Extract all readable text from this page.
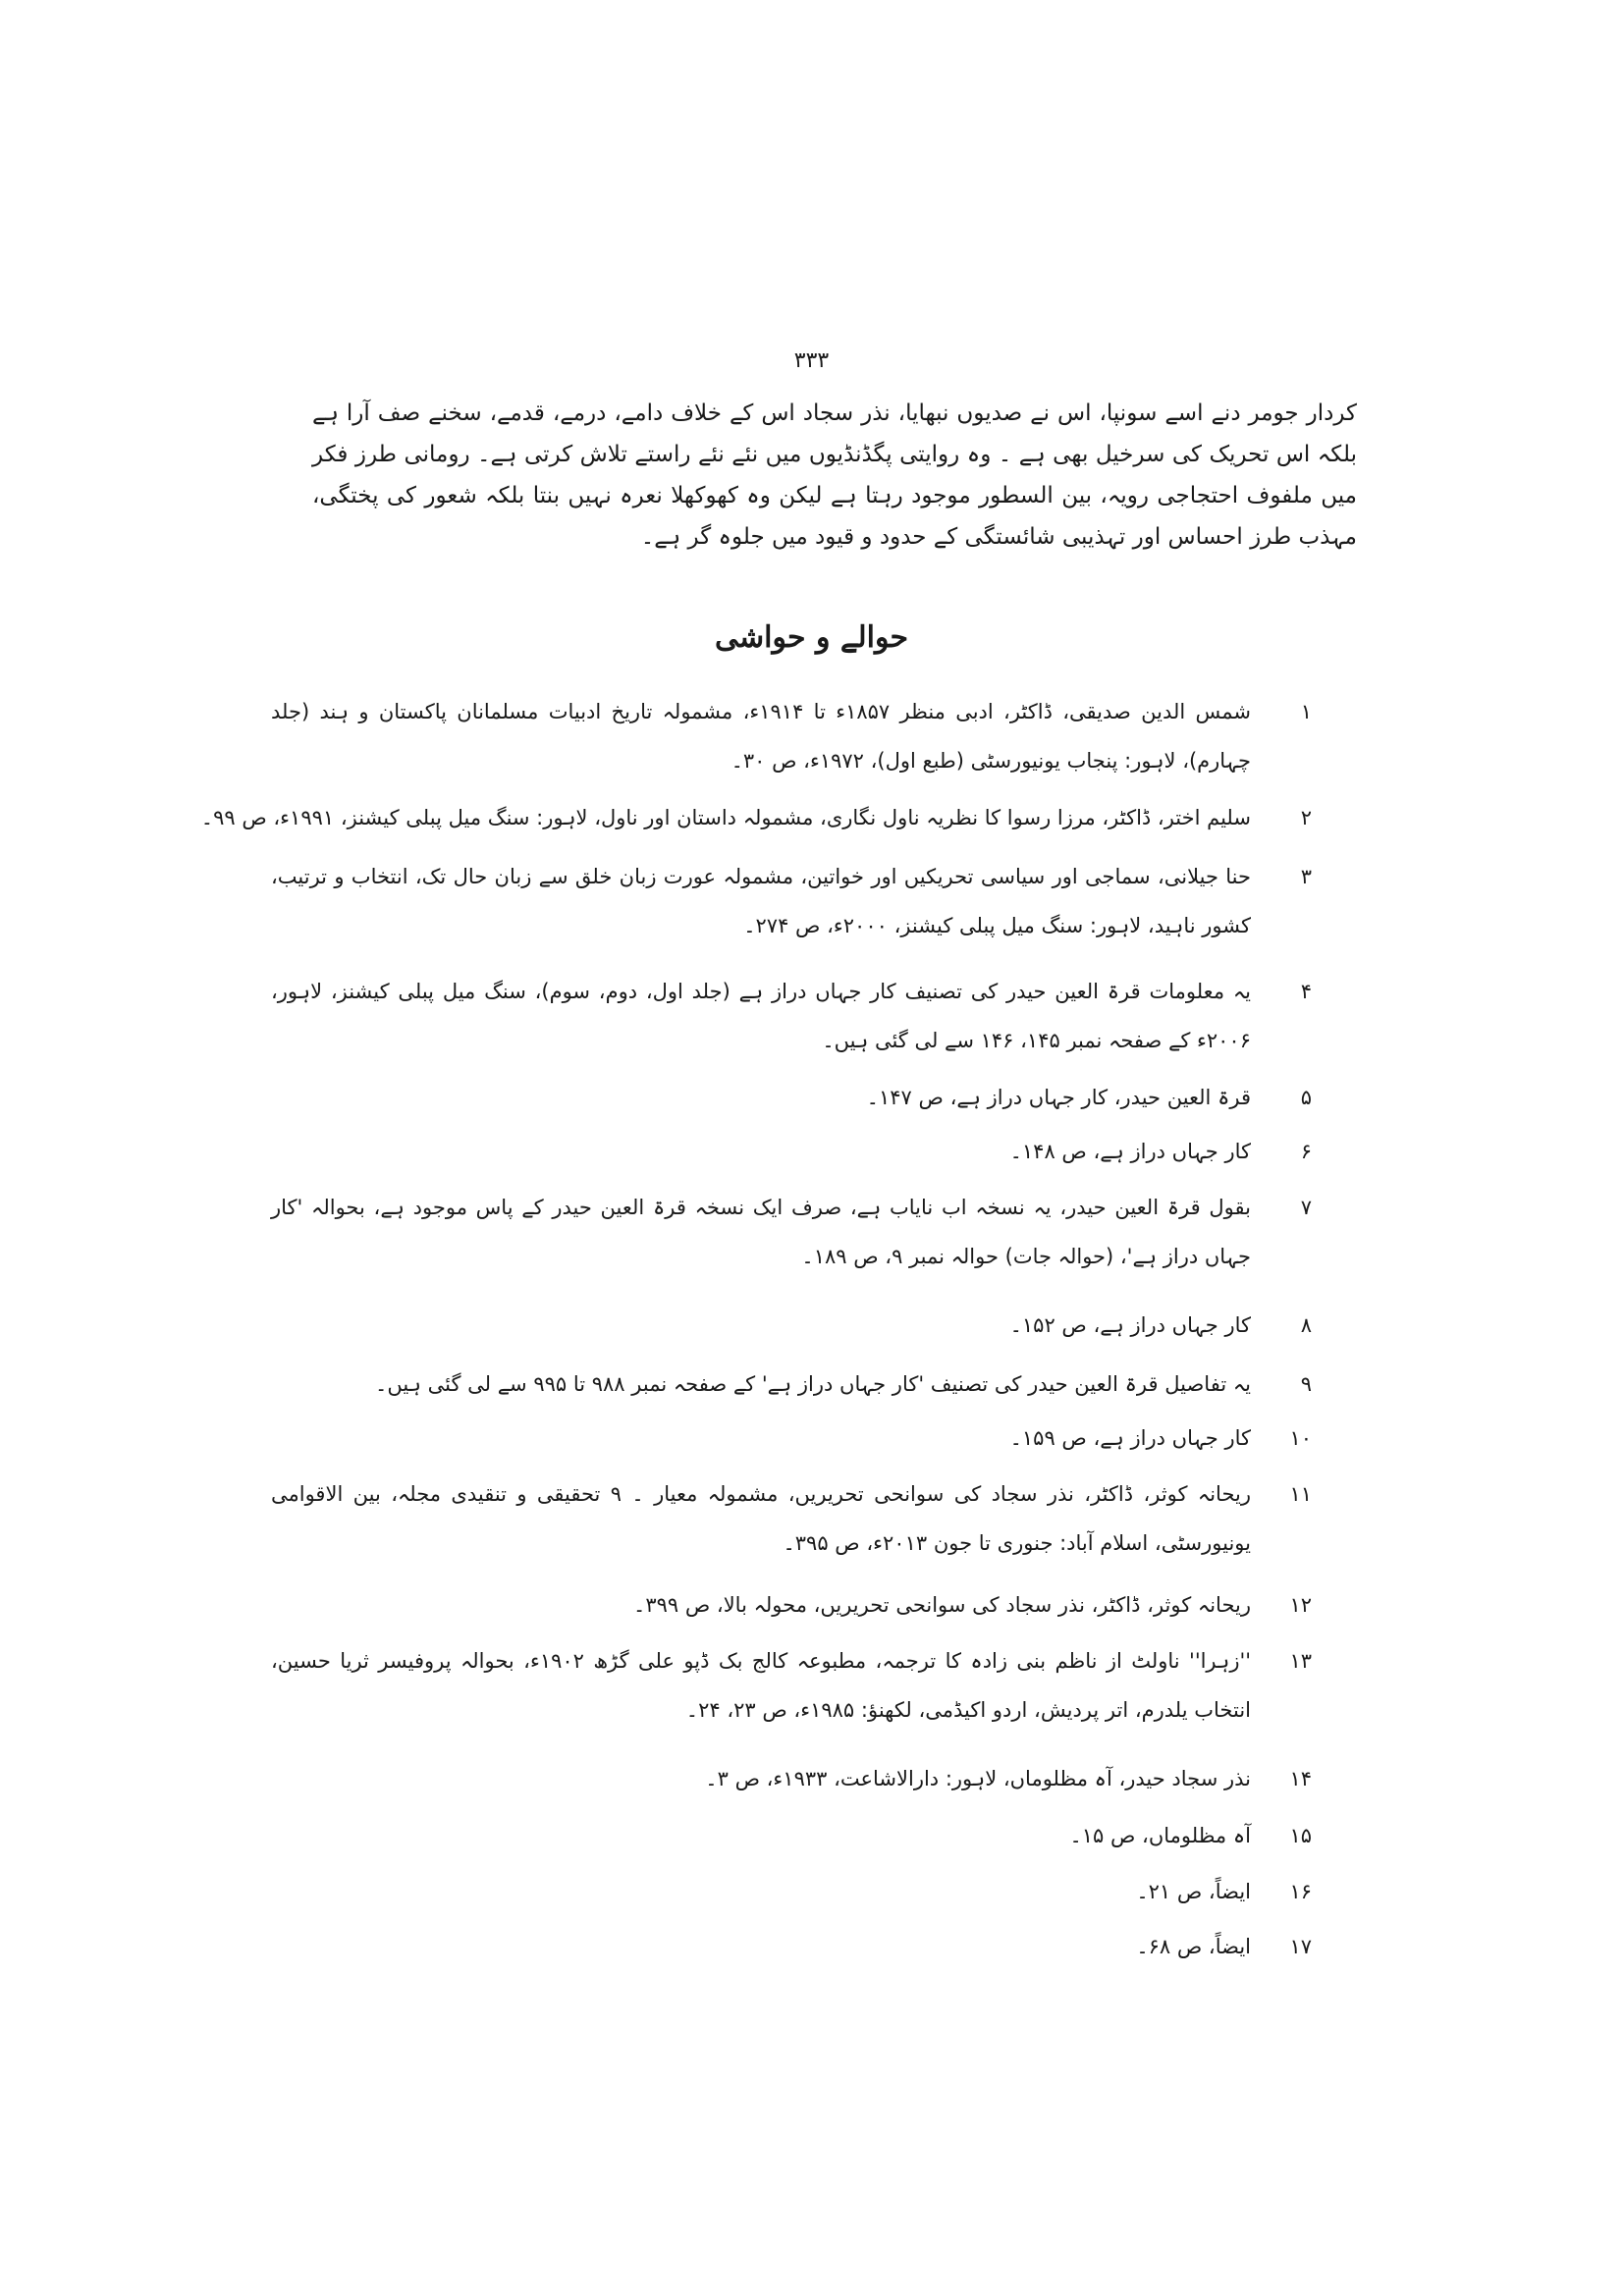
۳۳۳
کردار جومر دنے اسے سونپا، اس نے صدیوں نبھایا، نذر سجاد اس کے خلاف دامے، درمے، قدمے، سخنے صف آرا ہے بلکہ اس تحریک کی سرخیل بھی ہے ۔ وہ روایتی پگڈنڈیوں میں نئے نئے راستے تلاش کرتی ہے۔ رومانی طرز فکر میں ملفوف احتجاجی رویہ، بین السطور موجود رہتا ہے لیکن وہ کھوکھلا نعرہ نہیں بنتا بلکہ شعور کی پختگی، مہذب طرز احساس اور تہذیبی شائستگی کے حدود و قیود میں جلوہ گر ہے۔
حوالے و حواشی
۱
شمس الدین صدیقی، ڈاکٹر، ادبی منظر ۱۸۵۷ء تا ۱۹۱۴ء، مشمولہ تاریخ ادبیات مسلمانان پاکستان و ہند (جلد چہارم)، لاہور: پنجاب یونیورسٹی (طبع اول)، ۱۹۷۲ء، ص ۳۰۔
۲
سلیم اختر، ڈاکٹر، مرزا رسوا کا نظریہ ناول نگاری، مشمولہ داستان اور ناول، لاہور: سنگ میل پبلی کیشنز، ۱۹۹۱ء، ص ۹۹۔
۳
حنا جیلانی، سماجی اور سیاسی تحریکیں اور خواتین، مشمولہ عورت زبان خلق سے زبان حال تک، انتخاب و ترتیب، کشور ناہید، لاہور: سنگ میل پبلی کیشنز، ۲۰۰۰ء، ص ۲۷۴۔
۴
یہ معلومات قرۃ العین حیدر کی تصنیف کار جہاں دراز ہے (جلد اول، دوم، سوم)، سنگ میل پبلی کیشنز، لاہور، ۲۰۰۶ء کے صفحہ نمبر ۱۴۵، ۱۴۶ سے لی گئی ہیں۔
۵
قرۃ العین حیدر، کار جہاں دراز ہے، ص ۱۴۷۔
۶
کار جہاں دراز ہے، ص ۱۴۸۔
۷
بقول قرۃ العین حیدر، یہ نسخہ اب نایاب ہے، صرف ایک نسخہ قرۃ العین حیدر کے پاس موجود ہے، بحوالہ 'کار جہاں دراز ہے'، (حوالہ جات) حوالہ نمبر ۹، ص ۱۸۹۔
۸
کار جہاں دراز ہے، ص ۱۵۲۔
۹
یہ تفاصیل قرۃ العین حیدر کی تصنیف 'کار جہاں دراز ہے' کے صفحہ نمبر ۹۸۸ تا ۹۹۵ سے لی گئی ہیں۔
۱۰
کار جہاں دراز ہے، ص ۱۵۹۔
۱۱
ریحانہ کوثر، ڈاکٹر، نذر سجاد کی سوانحی تحریریں، مشمولہ معیار ۔ ۹ تحقیقی و تنقیدی مجلہ، بین الاقوامی یونیورسٹی، اسلام آباد: جنوری تا جون ۲۰۱۳ء، ص ۳۹۵۔
۱۲
ریحانہ کوثر، ڈاکٹر، نذر سجاد کی سوانحی تحریریں، محولہ بالا، ص ۳۹۹۔
۱۳
''زہرا'' ناولٹ از ناظم بنی زادہ کا ترجمہ، مطبوعہ کالج بک ڈپو علی گڑھ ۱۹۰۲ء، بحوالہ پروفیسر ثریا حسین، انتخاب یلدرم، اتر پردیش، اردو اکیڈمی، لکھنؤ: ۱۹۸۵ء، ص ۲۳، ۲۴۔
۱۴
نذر سجاد حیدر، آہ مظلوماں، لاہور: دارالاشاعت، ۱۹۳۳ء، ص ۳۔
۱۵
آہ مظلوماں، ص ۱۵۔
۱۶
ایضاً، ص ۲۱۔
۱۷
ایضاً، ص ۶۸۔
